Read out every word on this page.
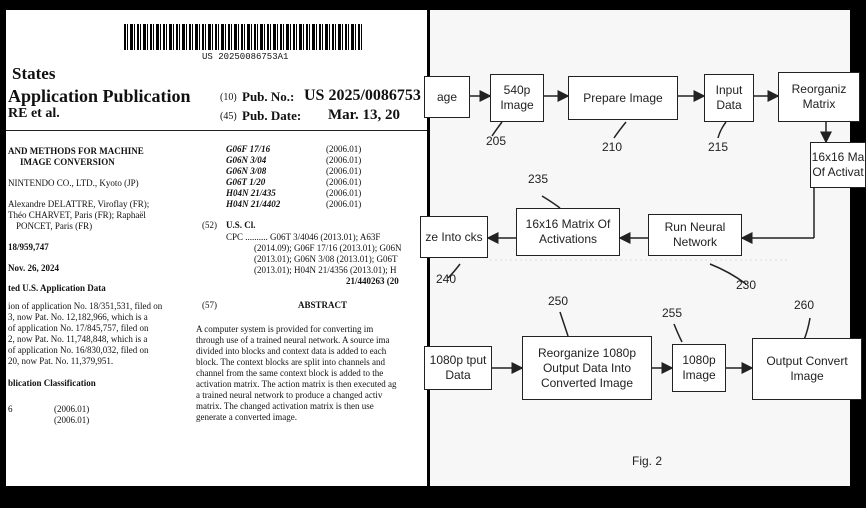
US 20250086753A1
States
Application Publication
RE et al.
(10) Pub. No.: US 2025/0086753
(45) Pub. Date: Mar. 13, 20
AND METHODS FOR MACHINE
IMAGE CONVERSION
NINTENDO CO., LTD., Kyoto (JP)
Alexandre DELATTRE, Viroflay (FR);
Théo CHARVET, Paris (FR); Raphaël
PONCET, Paris (FR)
18/959,747
Nov. 26, 2024
ted U.S. Application Data
ion of application No. 18/351,531, filed on
3, now Pat. No. 12,182,966, which is a
of application No. 17/845,757, filed on
2, now Pat. No. 11,748,848, which is a
of application No. 16/830,032, filed on
20, now Pat. No. 11,379,951.
blication Classification
6	(2006.01)
(2006.01)
G06F 17/16	(2006.01)
G06N 3/04	(2006.01)
G06N 3/08	(2006.01)
G06T 1/20	(2006.01)
H04N 21/435	(2006.01)
H04N 21/4402	(2006.01)
(52) U.S. Cl.
CPC .......... G06T 3/4046 (2013.01); A63F
(2014.09); G06F 17/16 (2013.01); G06N
(2013.01); G06N 3/08 (2013.01); G06T
(2013.01); H04N 21/4356 (2013.01); H
21/440263 (20
(57)	ABSTRACT
A computer system is provided for converting im
through use of a trained neural network. A source ima
divided into blocks and context data is added to each
block. The context blocks are split into channels and
channel from the same context block is added to the
activation matrix. The action matrix is then executed ag
a trained neural network to produce a changed activ
matrix. The changed activation matrix is then use
generate a converted image.
age	540p Image
Prepare Image
Input Data
Reorganiz Matrix
16x16 Ma Of Activat
16x16 Matrix Of Activations
Run Neural Network
ze Into cks
1080p tput Data
Reorganize 1080p Output Data Into Converted Image
1080p Image
Output Convert Image
205	210	215
235
230
240
250
255
260
Fig. 2
